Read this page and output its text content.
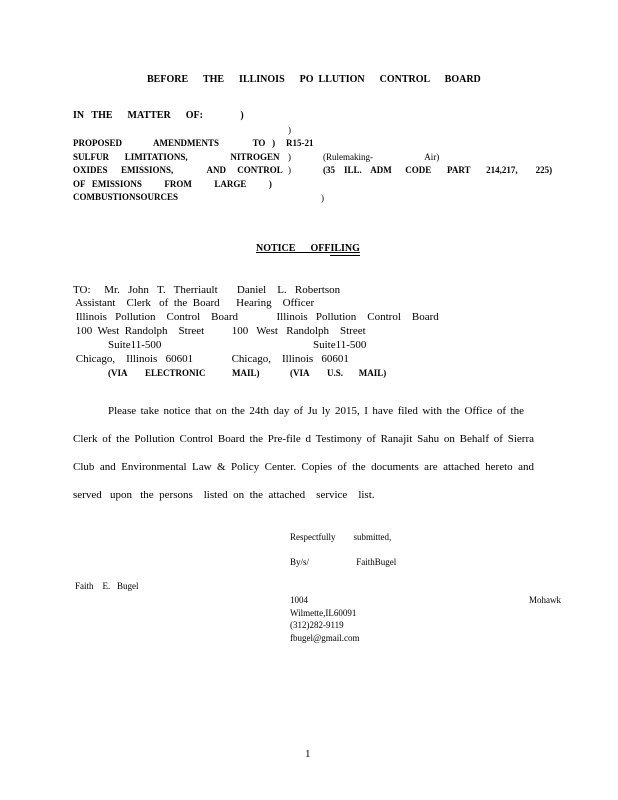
BEFORE      THE      ILLINOIS      PO  LLUTION      CONTROL      BOARD
IN   THE      MATTER      OF:               )
)
PROPOSED              AMENDMENTS               TO   ) R15-21
SULFUR       LIMITATIONS,                   NITROGEN )	(Rulemaking-                       Air)
OXIDES      EMISSIONS,               AND     CONTROL )	(35    ILL.    ADM      CODE       PART       214,217,        225)
OF   EMISSIONS          FROM          LARGE          )
COMBUSTIONSOURCES	)
NOTICE      OFFILING
TO:     Mr.   John   T.   Therriault       Daniel    L.   Robertson
Assistant    Clerk   of  the  Board      Hearing    Officer
Illinois   Pollution    Control    Board              Illinois   Pollution    Control    Board
100  West  Randolph    Street          100   West   Randolph    Street
Suite11-500	Suite11-500
Chicago,    Illinois   60601              Chicago,    Illinois   60601
(VIA        ELECTRONIC	MAIL)	(VIA        U.S.       MAIL)
Please take notice that on the 24th day of Ju ly 2015, I have filed with the Office of the
Clerk of the Pollution Control Board the Pre-file d Testimony of Ranajit Sahu on Behalf of Sierra
Club and Environmental Law & Policy Center. Copies of the documents are attached hereto and
served   upon   the  persons    listed  on  the  attached    service    list.
Respectfully        submitted,
By/s/                     FaithBugel
Faith    E.   Bugel
1004	Mohawk
Wilmette,IL60091
(312)282-9119
fbugel@gmail.com
1
